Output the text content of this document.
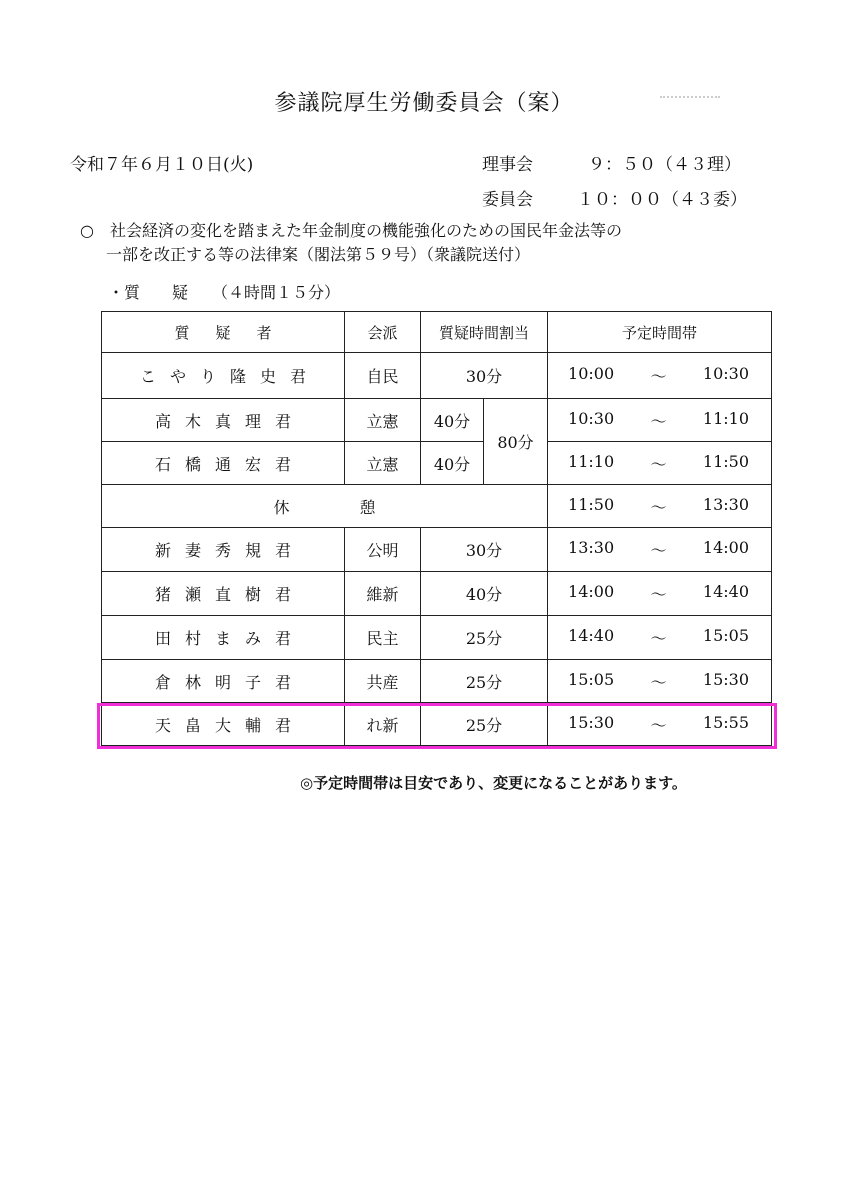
参議院厚生労働委員会（案）
令和７年６月１０日(火)	理事会	９：５０（４３理）
委員会	１０：００（４３委）
○　社会経済の変化を踏まえた年金制度の機能強化のための国民年金法等の
一部を改正する等の法律案（閣法第５９号）（衆議院送付）
・質　　疑　　（４時間１５分）
質疑者	会派	質疑時間割当		予定時間帯
こやり隆史君	自民	30分		10:00 ～ 10:30

高木真理君	立憲	40分	80分	10:30 ～ 11:10

石橋通宏君	立憲	40分		11:10 ～ 11:50

休憩				11:50 ～ 13:30

新妻秀規君	公明	30分		13:30 ～ 14:00

猪瀬直樹君	維新	40分		14:00 ～ 14:40

田村まみ君	民主	25分		14:40 ～ 15:05

倉林明子君	共産	25分		15:05 ～ 15:30

天畠大輔君	れ新	25分		15:30 ～ 15:55
◎予定時間帯は目安であり、変更になることがあります。
